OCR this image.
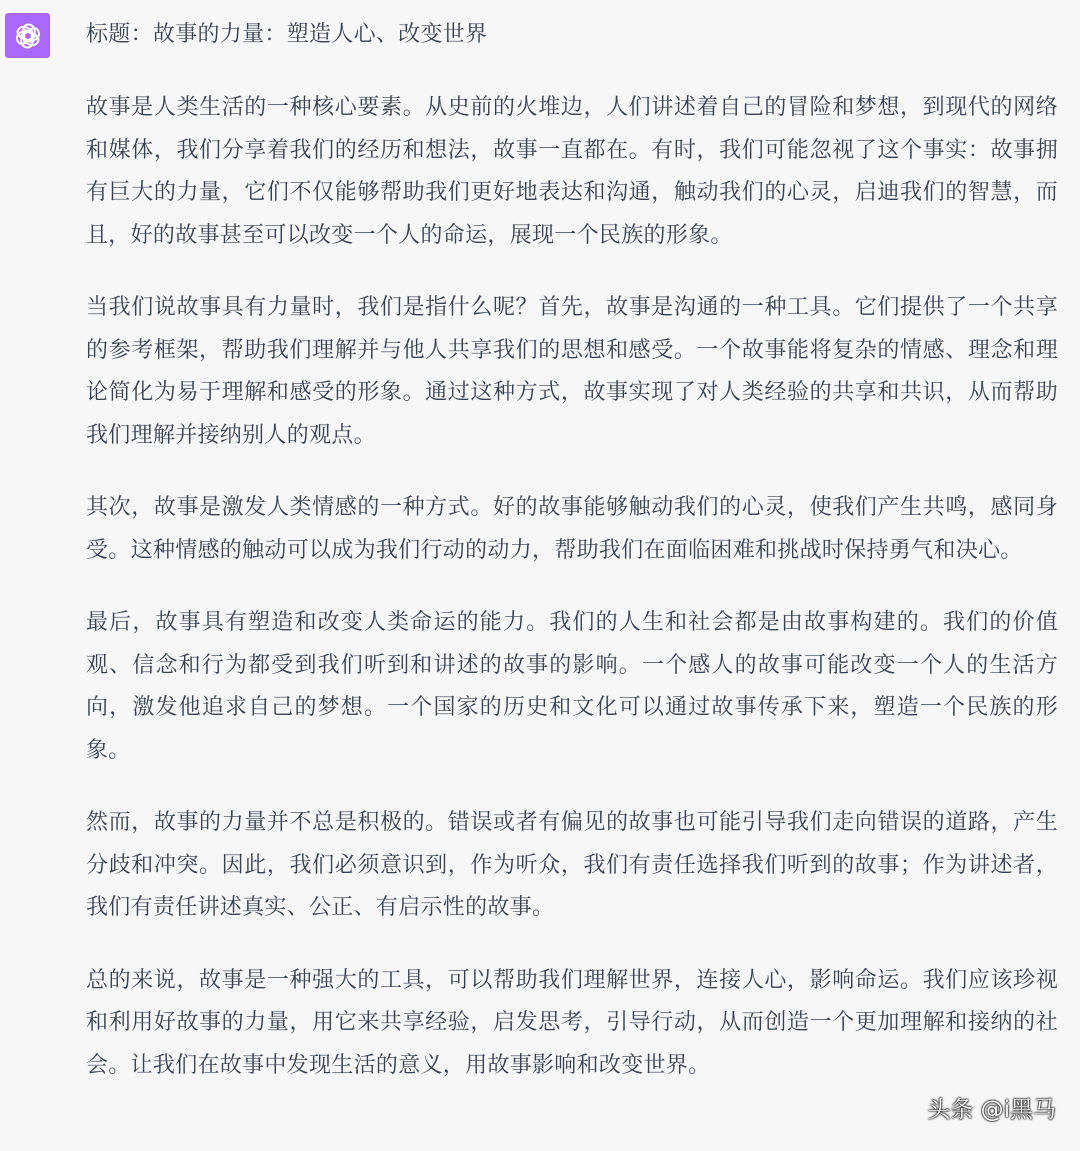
标题：故事的力量：塑造人心、改变世界

故事是人类生活的一种核心要素。从史前的火堆边，人们讲述着自己的冒险和梦想，到现代的网络和媒体，我们分享着我们的经历和想法，故事一直都在。有时，我们可能忽视了这个事实：故事拥有巨大的力量，它们不仅能够帮助我们更好地表达和沟通，触动我们的心灵，启迪我们的智慧，而且，好的故事甚至可以改变一个人的命运，展现一个民族的形象。

当我们说故事具有力量时，我们是指什么呢？首先，故事是沟通的一种工具。它们提供了一个共享的参考框架，帮助我们理解并与他人共享我们的思想和感受。一个故事能将复杂的情感、理念和理论简化为易于理解和感受的形象。通过这种方式，故事实现了对人类经验的共享和共识，从而帮助我们理解并接纳别人的观点。

其次，故事是激发人类情感的一种方式。好的故事能够触动我们的心灵，使我们产生共鸣，感同身受。这种情感的触动可以成为我们行动的动力，帮助我们在面临困难和挑战时保持勇气和决心。

最后，故事具有塑造和改变人类命运的能力。我们的人生和社会都是由故事构建的。我们的价值观、信念和行为都受到我们听到和讲述的故事的影响。一个感人的故事可能改变一个人的生活方向，激发他追求自己的梦想。一个国家的历史和文化可以通过故事传承下来，塑造一个民族的形象。

然而，故事的力量并不总是积极的。错误或者有偏见的故事也可能引导我们走向错误的道路，产生分歧和冲突。因此，我们必须意识到，作为听众，我们有责任选择我们听到的故事；作为讲述者，我们有责任讲述真实、公正、有启示性的故事。

总的来说，故事是一种强大的工具，可以帮助我们理解世界，连接人心，影响命运。我们应该珍视和利用好故事的力量，用它来共享经验，启发思考，引导行动，从而创造一个更加理解和接纳的社会。让我们在故事中发现生活的意义，用故事影响和改变世界。

头条 @i黑马
